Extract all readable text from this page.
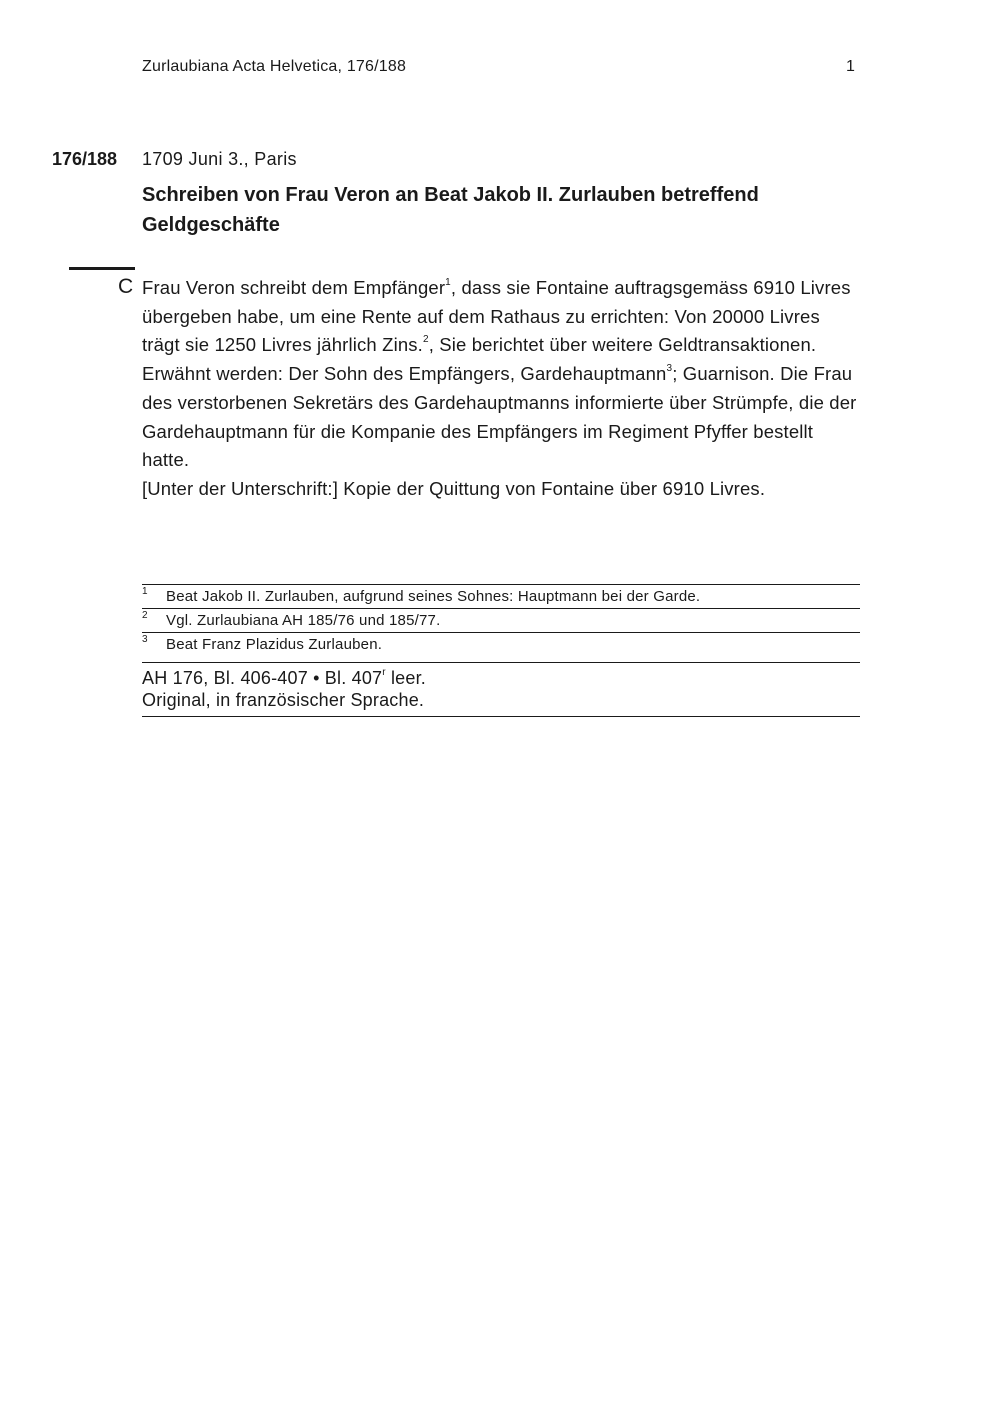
Zurlaubiana Acta Helvetica, 176/188	1
176/188 1709 Juni 3., Paris
Schreiben von Frau Veron an Beat Jakob II. Zurlauben betreffend Geldgeschäfte
C Frau Veron schreibt dem Empfänger$^1$, dass sie Fontaine auftragsgemäss 6910 Livres übergeben habe, um eine Rente auf dem Rathaus zu errichten: Von 20000 Livres trägt sie 1250 Livres jährlich Zins.$^2$, Sie berichtet über weitere Geldtransaktionen. Erwähnt werden: Der Sohn des Empfängers, Gardehauptmann$^3$; Guarnison. Die Frau des verstorbenen Sekretärs des Gardehauptmanns informierte über Strümpfe, die der Gardehauptmann für die Kompanie des Empfängers im Regiment Pfyffer bestellt hatte.

[Unter der Unterschrift:] Kopie der Quittung von Fontaine über 6910 Livres.

1 Beat Jakob II. Zurlauben, aufgrund seines Sohnes: Hauptmann bei der Garde.
2 Vgl. Zurlaubiana AH 185/76 und 185/77.
3 Beat Franz Plazidus Zurlauben.
AH 176, Bl. 406-407 • Bl. 407$^r$ leer.
Original, in französischer Sprache.
